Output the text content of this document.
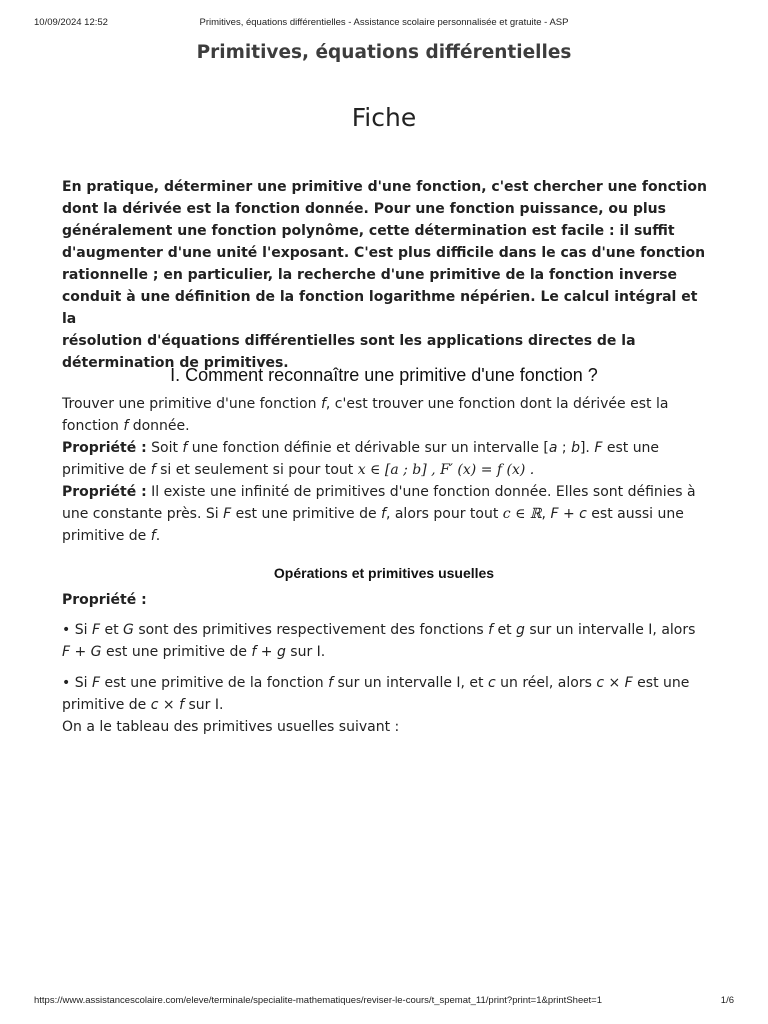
10/09/2024 12:52	Primitives, équations différentielles - Assistance scolaire personnalisée et gratuite - ASP
Primitives, équations différentielles
Fiche
En pratique, déterminer une primitive d'une fonction, c'est chercher une fonction
dont la dérivée est la fonction donnée. Pour une fonction puissance, ou plus
généralement une fonction polynôme, cette détermination est facile : il suffit
d'augmenter d'une unité l'exposant. C'est plus difficile dans le cas d'une fonction
rationnelle ; en particulier, la recherche d'une primitive de la fonction inverse
conduit à une définition de la fonction logarithme népérien. Le calcul intégral et la
résolution d'équations différentielles sont les applications directes de la
détermination de primitives.
I. Comment reconnaître une primitive d'une fonction ?
Trouver une primitive d'une fonction f, c'est trouver une fonction dont la dérivée est la
fonction f donnée.
Propriété : Soit f une fonction définie et dérivable sur un intervalle [a ; b]. F est une
primitive de f si et seulement si pour tout x ∈ [a ; b] , F′ (x) = f (x) .
Propriété : Il existe une infinité de primitives d'une fonction donnée. Elles sont définies à
une constante près. Si F est une primitive de f, alors pour tout c ∈ ℝ, F + c est aussi une
primitive de f.
Opérations et primitives usuelles
Propriété :
• Si F et G sont des primitives respectivement des fonctions f et g sur un intervalle I, alors
F + G est une primitive de f + g sur I.
• Si F est une primitive de la fonction f sur un intervalle I, et c un réel, alors c × F est une
primitive de c × f sur I.
On a le tableau des primitives usuelles suivant :
https://www.assistancescolaire.com/eleve/terminale/specialite-mathematiques/reviser-le-cours/t_spemat_11/print?print=1&printSheet=1	1/6
